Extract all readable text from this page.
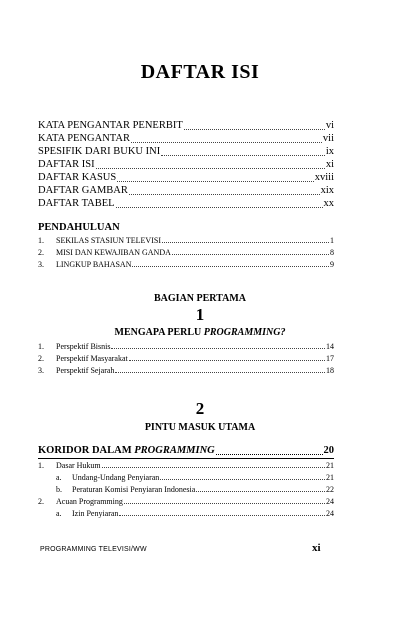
DAFTAR ISI
KATA PENGANTAR PENERBIT	vi
KATA PENGANTAR	vii
SPESIFIK DARI BUKU INI	ix
DAFTAR ISI	xi
DAFTAR KASUS	xviii
DAFTAR GAMBAR	xix
DAFTAR TABEL	xx
PENDAHULUAN
1.	SEKILAS STASIUN TELEVISI	1
2.	MISI DAN KEWAJIBAN GANDA	8
3.	LINGKUP BAHASAN	9
BAGIAN PERTAMA
1
MENGAPA PERLU PROGRAMMING?
1.	Perspektif Bisnis	14
2.	Perspektif Masyarakat	17
3.	Perspektif Sejarah	18
2
PINTU MASUK UTAMA
KORIDOR DALAM PROGRAMMING	20
1.	Dasar Hukum	21
a.	Undang-Undang Penyiaran	21
b.	Peraturan Komisi Penyiaran Indonesia	22
2.	Acuan Programming	24
a.	Izin Penyiaran	24
PROGRAMMING TELEVISI/WW	xi
